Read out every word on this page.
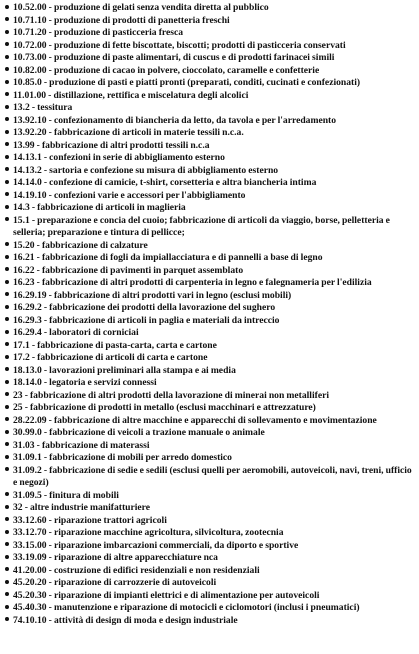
10.52.00 - produzione di gelati senza vendita diretta al pubblico
10.71.10 - produzione di prodotti di panetteria freschi
10.71.20 - produzione di pasticceria fresca
10.72.00 - produzione di fette biscottate, biscotti; prodotti di pasticceria conservati
10.73.00 - produzione di paste alimentari, di cuscus e di prodotti farinacei simili
10.82.00 - produzione di cacao in polvere, cioccolato, caramelle e confetterie
10.85.0 - produzione di pasti e piatti pronti (preparati, conditi, cucinati e confezionati)
11.01.00 - distillazione, rettifica e miscelatura degli alcolici
13.2 - tessitura
13.92.10 - confezionamento di biancheria da letto, da tavola e per l'arredamento
13.92.20 - fabbricazione di articoli in materie tessili n.c.a.
13.99 - fabbricazione di altri prodotti tessili n.c.a
14.13.1 - confezioni in serie di abbigliamento esterno
14.13.2 - sartoria e confezione su misura di abbigliamento esterno
14.14.0 - confezione di camicie, t-shirt, corsetteria e altra biancheria intima
14.19.10 - confezioni varie e accessori per l'abbigliamento
14.3 - fabbricazione di articoli in maglieria
15.1 - preparazione e concia del cuoio; fabbricazione di articoli da viaggio, borse, pelletteria e selleria; preparazione e tintura di pellicce;
15.20 - fabbricazione di calzature
16.21 - fabbricazione di fogli da impiallacciatura e di pannelli a base di legno
16.22 - fabbricazione di pavimenti in parquet assemblato
16.23 - fabbricazione di altri prodotti di carpenteria in legno e falegnameria per l'edilizia
16.29.19 - fabbricazione di altri prodotti vari in legno (esclusi mobili)
16.29.2 - fabbricazione dei prodotti della lavorazione del sughero
16.29.3 - fabbricazione di articoli in paglia e materiali da intreccio
16.29.4 - laboratori di corniciai
17.1 - fabbricazione di pasta-carta, carta e cartone
17.2 - fabbricazione di articoli di carta e cartone
18.13.0 - lavorazioni preliminari alla stampa e ai media
18.14.0 - legatoria e servizi connessi
23 - fabbricazione di altri prodotti della lavorazione di minerai non metalliferi
25 - fabbricazione di prodotti in metallo (esclusi macchinari e attrezzature)
28.22.09 - fabbricazione di altre macchine e apparecchi di sollevamento e movimentazione
30.99.0 - fabbricazione di veicoli a trazione manuale o animale
31.03 - fabbricazione di materassi
31.09.1 - fabbricazione di mobili per arredo domestico
31.09.2 - fabbricazione di sedie e sedili (esclusi quelli per aeromobili, autoveicoli, navi, treni, ufficio e negozi)
31.09.5 - finitura di mobili
32 - altre industrie manifatturiere
33.12.60 - riparazione trattori agricoli
33.12.70 - riparazione macchine agricoltura, silvicoltura, zootecnia
33.15.00 - riparazione imbarcazioni commerciali, da diporto e sportive
33.19.09 - riparazione di altre apparecchiature nca
41.20.00 - costruzione di edifici residenziali e non residenziali
45.20.20 - riparazione di carrozzerie di autoveicoli
45.20.30 - riparazione di impianti elettrici e di alimentazione per autoveicoli
45.40.30 - manutenzione e riparazione di motocicli e ciclomotori (inclusi i pneumatici)
74.10.10 - attività di design di moda e design industriale
